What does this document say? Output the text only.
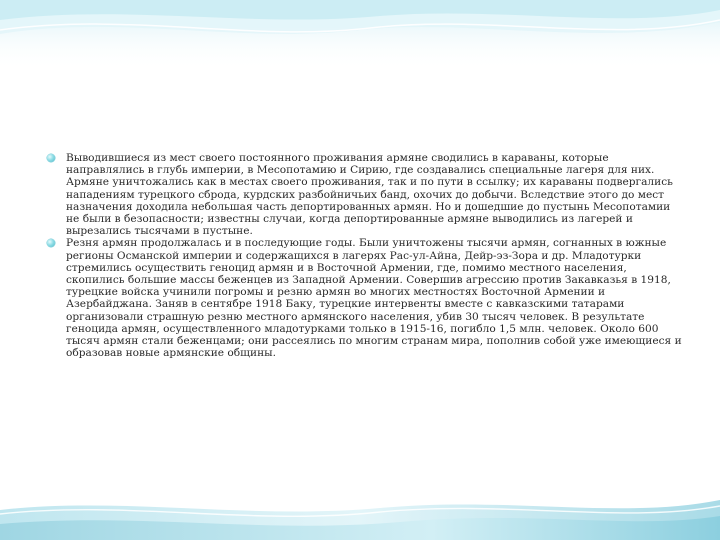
Выводившиеся из мест своего постоянного проживания армяне сводились в караваны, которые направлялись в глубь империи, в Месопотамию и Сирию, где создавались специальные лагеря для них. Армяне уничтожались как в местах своего проживания, так и по пути в ссылку; их караваны подвергались нападениям турецкого сброда, курдских разбойничьих банд, охочих до добычи. Вследствие этого до мест назначения доходила небольшая часть депортированных армян. Но и дошедшие до пустынь Месопотамии не были в безопасности; известны случаи, когда депортированные армяне выводились из лагерей и вырезались тысячами в пустыне.
Резня армян продолжалась и в последующие годы. Были уничтожены тысячи армян, согнанных в южные регионы Османской империи и содержащихся в лагерях Рас-ул-Айна, Дейр-эз-Зора и др. Младотурки стремились осуществить геноцид армян и в Восточной Армении, где, помимо местного населения, скопились большие массы беженцев из Западной Армении. Совершив агрессию против Закавказья в 1918, турецкие войска учинили погромы и резню армян во многих местностях Восточной Армении и Азербайджана. Заняв в сентябре 1918 Баку, турецкие интервенты вместе с кавказскими татарами организовали страшную резню местного армянского населения, убив 30 тысяч человек. В результате геноцида армян, осуществленного младотурками только в 1915-16, погибло 1,5 млн. человек. Около 600 тысяч армян стали беженцами; они рассеялись по многим странам мира, пополнив собой уже имеющиеся и образовав новые армянские общины.
